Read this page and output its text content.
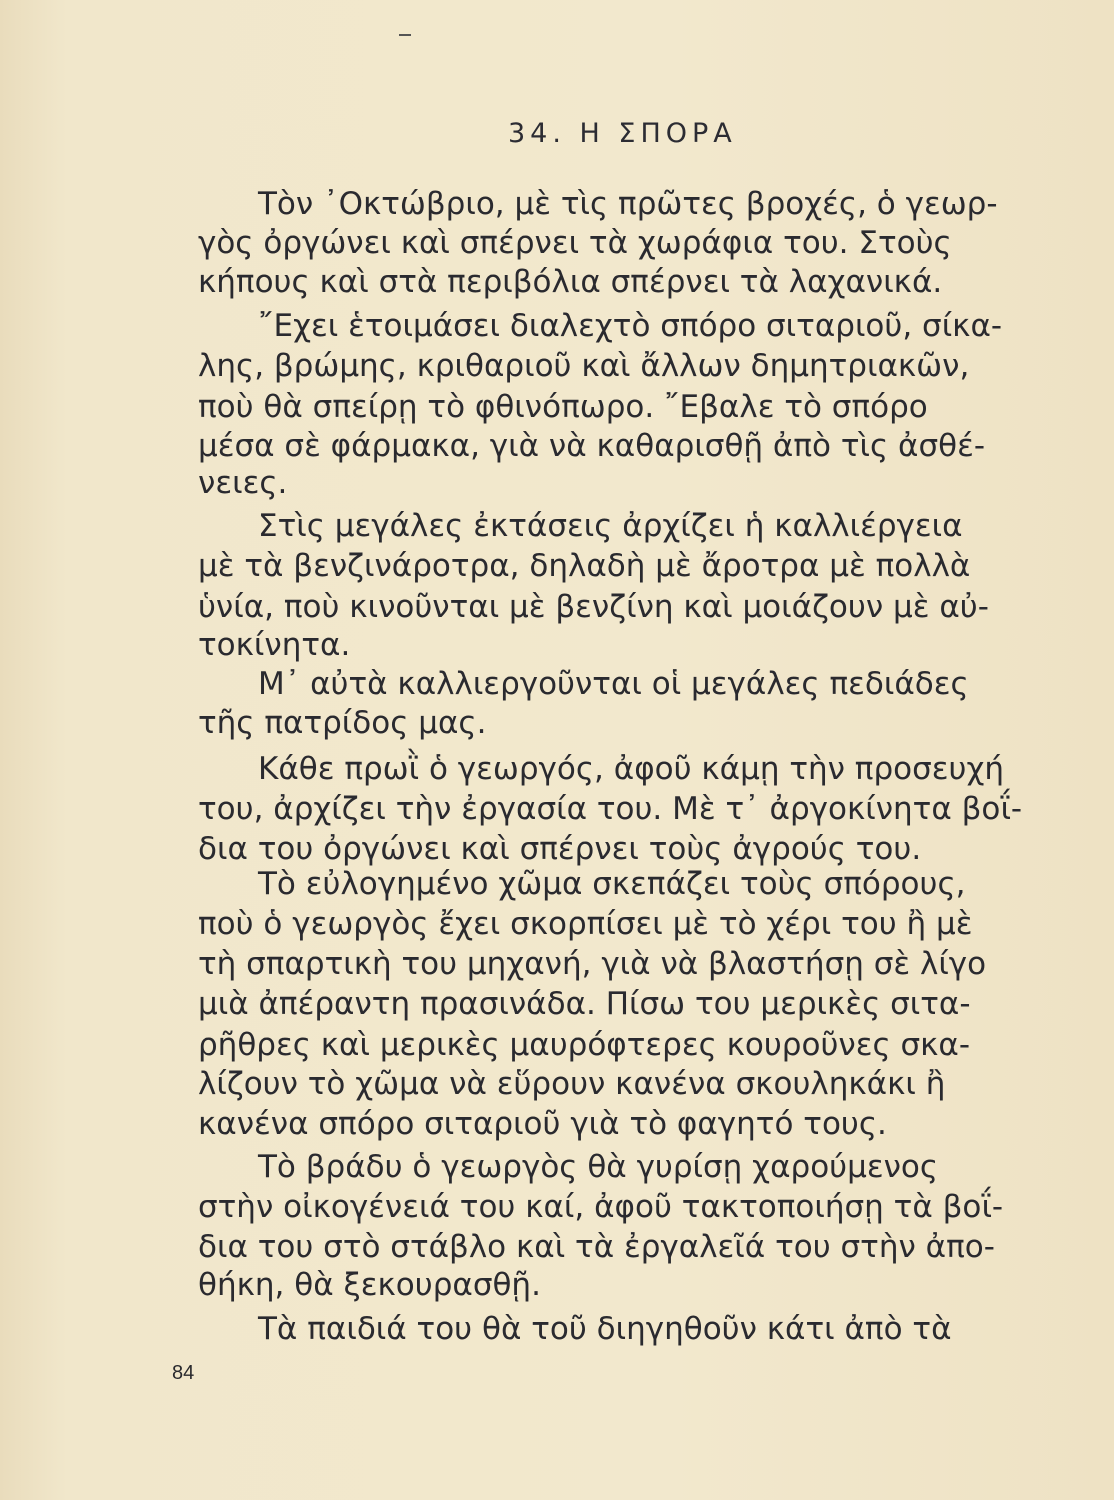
34. Η ΣΠΟΡΑ
Τὸν ᾿Οκτώβριο, μὲ τὶς πρῶτες βροχές, ὁ γεωρ-
γὸς ὀργώνει καὶ σπέρνει τὰ χωράφια του. Στοὺς
κήπους καὶ στὰ περιβόλια σπέρνει τὰ λαχανικά.
῎Εχει ἑτοιμάσει διαλεχτὸ σπόρο σιταριοῦ, σίκα-
λης, βρώμης, κριθαριοῦ καὶ ἄλλων δημητριακῶν,
ποὺ θὰ σπείρῃ τὸ φθινόπωρο. ῎Εβαλε τὸ σπόρο
μέσα σὲ φάρμακα, γιὰ νὰ καθαρισθῇ ἀπὸ τὶς ἀσθέ-
νειες.
Στὶς μεγάλες ἐκτάσεις ἀρχίζει ἡ καλλιέργεια
μὲ τὰ βενζινάροτρα, δηλαδὴ μὲ ἄροτρα μὲ πολλὰ
ὑνία, ποὺ κινοῦνται μὲ βενζίνη καὶ μοιάζουν μὲ αὐ-
τοκίνητα.
Μ᾿ αὐτὰ καλλιεργοῦνται οἱ μεγάλες πεδιάδες
τῆς πατρίδος μας.
Κάθε πρωῒ ὁ γεωργός, ἀφοῦ κάμῃ τὴν προσευχή
του, ἀρχίζει τὴν ἐργασία του. Μὲ τ᾿ ἀργοκίνητα βοΐ-
δια του ὀργώνει καὶ σπέρνει τοὺς ἀγρούς του.
Τὸ εὐλογημένο χῶμα σκεπάζει τοὺς σπόρους,
ποὺ ὁ γεωργὸς ἔχει σκορπίσει μὲ τὸ χέρι του ἢ μὲ
τὴ σπαρτικὴ του μηχανή, γιὰ νὰ βλαστήσῃ σὲ λίγο
μιὰ ἀπέραντη πρασινάδα. Πίσω του μερικὲς σιτα-
ρῆθρες καὶ μερικὲς μαυρόφτερες κουροῦνες σκα-
λίζουν τὸ χῶμα νὰ εὕρουν κανένα σκουληκάκι ἢ
κανένα σπόρο σιταριοῦ γιὰ τὸ φαγητό τους.
Τὸ βράδυ ὁ γεωργὸς θὰ γυρίσῃ χαρούμενος
στὴν οἰκογένειά του καί, ἀφοῦ τακτοποιήσῃ τὰ βοΐ-
δια του στὸ στάβλο καὶ τὰ ἐργαλεῖά του στὴν ἀπο-
θήκη, θὰ ξεκουρασθῇ.
Τὰ παιδιά του θὰ τοῦ διηγηθοῦν κάτι ἀπὸ τὰ
84
